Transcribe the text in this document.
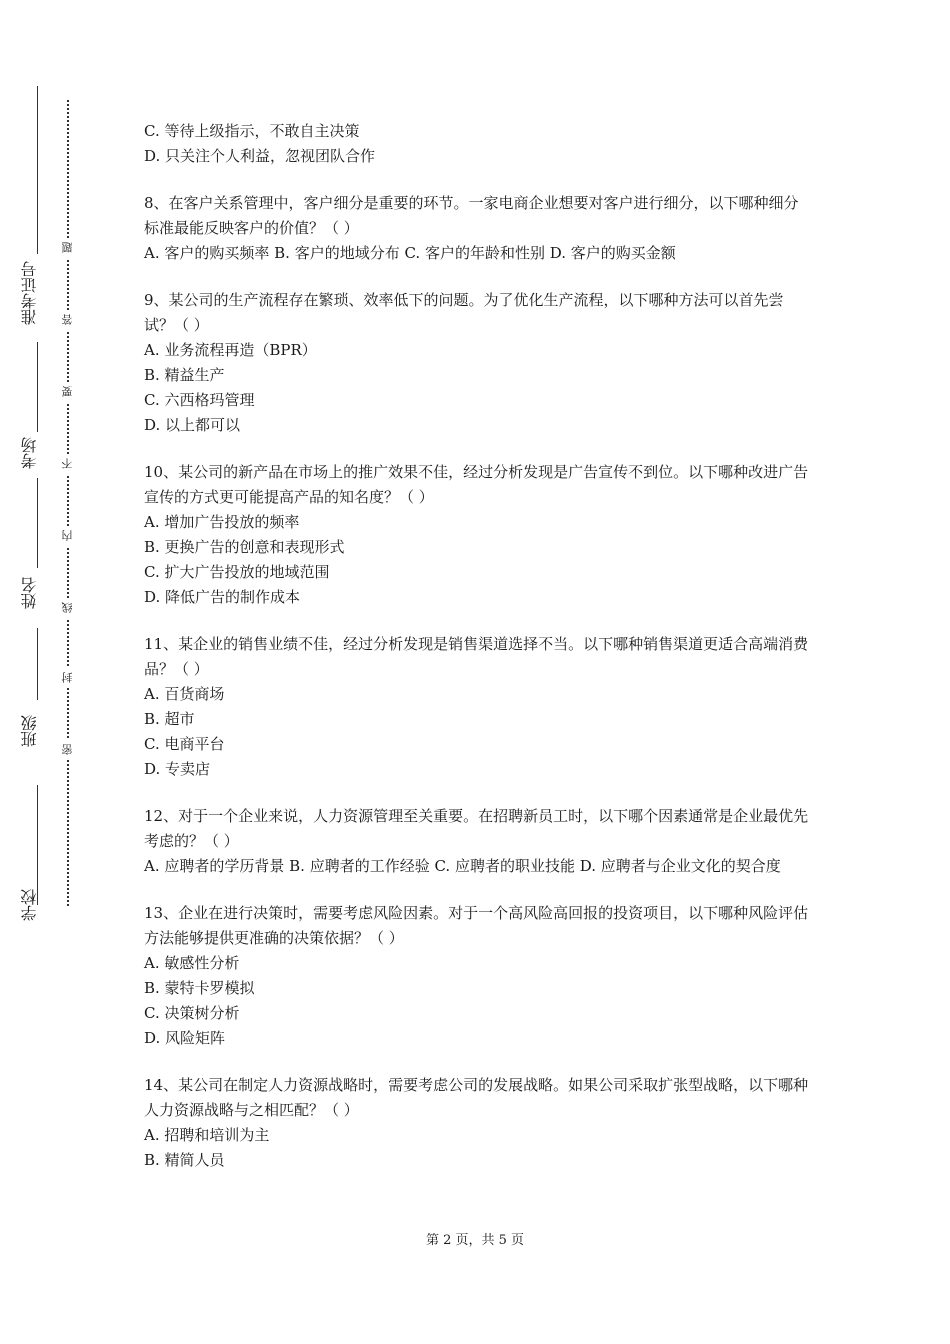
学校
班级
姓名
考场
准考证号
密
封
线
内
不
要
答
题

C. 等待上级指示，不敢自主决策

D. 只关注个人利益，忽视团队合作

8、在客户关系管理中，客户细分是重要的环节。一家电商企业想要对客户进行细分，以下哪种细分标准最能反映客户的价值？（ ）

A. 客户的购买频率 B. 客户的地域分布 C. 客户的年龄和性别 D. 客户的购买金额

9、某公司的生产流程存在繁琐、效率低下的问题。为了优化生产流程，以下哪种方法可以首先尝试？（ ）

A. 业务流程再造（BPR）

B. 精益生产

C. 六西格玛管理

D. 以上都可以

10、某公司的新产品在市场上的推广效果不佳，经过分析发现是广告宣传不到位。以下哪种改进广告宣传的方式更可能提高产品的知名度？（ ）

A. 增加广告投放的频率

B. 更换广告的创意和表现形式

C. 扩大广告投放的地域范围

D. 降低广告的制作成本

11、某企业的销售业绩不佳，经过分析发现是销售渠道选择不当。以下哪种销售渠道更适合高端消费品？（ ）

A. 百货商场

B. 超市

C. 电商平台

D. 专卖店

12、对于一个企业来说，人力资源管理至关重要。在招聘新员工时，以下哪个因素通常是企业最优先考虑的？（ ）

A. 应聘者的学历背景 B. 应聘者的工作经验 C. 应聘者的职业技能 D. 应聘者与企业文化的契合度

13、企业在进行决策时，需要考虑风险因素。对于一个高风险高回报的投资项目，以下哪种风险评估方法能够提供更准确的决策依据？（ ）

A. 敏感性分析

B. 蒙特卡罗模拟

C. 决策树分析

D. 风险矩阵

14、某公司在制定人力资源战略时，需要考虑公司的发展战略。如果公司采取扩张型战略，以下哪种人力资源战略与之相匹配？（ ）

A. 招聘和培训为主

B. 精简人员

第 2 页，共 5 页
